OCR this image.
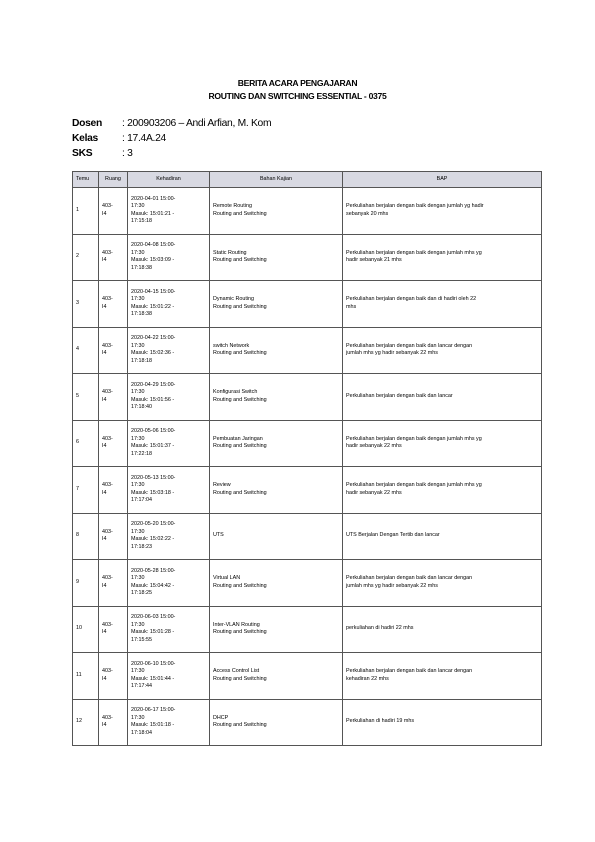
BERITA ACARA PENGAJARAN
ROUTING DAN SWITCHING ESSENTIAL - 0375
Dosen : 200903206 – Andi Arfian, M. Kom
Kelas : 17.4A.24
SKS	: 3
Temu	Ruang	Kehadiran	Bahan Kajian	BAP
1	403-
I4	2020-04-01 15:00-
17:30
Masuk: 15:01:21 -
17:15:18	Remote Routing
Routing and Switching	Perkuliahan berjalan dengan baik dengan jumlah yg hadir
sebanyak 20 mhs

2	403-
I4	2020-04-08 15:00-
17:30
Masuk: 15:03:09 -
17:18:38	Static Routing
Routing and Switching	Perkuliahan berjalan dengan baik dengan jumlah mhs yg
hadir sebanyak 21 mhs

3	403-
I4	2020-04-15 15:00-
17:30
Masuk: 15:01:22 -
17:18:38	Dynamic Routing
Routing and Switching	Perkuliahan berjalan dengan baik dan di hadiri oleh 22
mhs

4	403-
I4	2020-04-22 15:00-
17:30
Masuk: 15:02:36 -
17:18:18	switch Network
Routing and Switching	Perkuliahan berjalan dengan baik dan lancar dengan
jumlah mhs yg hadir sebanyak 22 mhs

5	403-
I4	2020-04-29 15:00-
17:30
Masuk: 15:01:56 -
17:18:40	Konfigurasi Switch
Routing and Switching	Perkuliahan berjalan dengan baik dan lancar

6	403-
I4	2020-05-06 15:00-
17:30
Masuk: 15:01:37 -
17:22:18	Pembuatan Jaringan
Routing and Switching	Perkuliahan berjalan dengan baik dengan jumlah mhs yg
hadir sebanyak 22 mhs

7	403-
I4	2020-05-13 15:00-
17:30
Masuk: 15:03:18 -
17:17:04	Review
Routing and Switching	Perkuliahan berjalan dengan baik dengan jumlah mhs yg
hadir sebanyak 22 mhs

8	403-
I4	2020-05-20 15:00-
17:30
Masuk: 15:02:22 -
17:18:23	UTS	UTS Berjalan Dengan Tertib dan lancar

9	403-
I4	2020-05-28 15:00-
17:30
Masuk: 15:04:42 -
17:18:25	Virtual LAN
Routing and Switching	Perkuliahan berjalan dengan baik dan lancar dengan
jumlah mhs yg hadir sebanyak 22 mhs

10	403-
I4	2020-06-03 15:00-
17:30
Masuk: 15:01:28 -
17:15:55	Inter-VLAN Routing
Routing and Switching	perkuliahan di hadiri 22 mhs

11	403-
I4	2020-06-10 15:00-
17:30
Masuk: 15:01:44 -
17:17:44	Access Control List
Routing and Switching	Perkuliahan berjalan dengan baik dan lancar dengan
kehadiran 22 mhs

12	403-
I4	2020-06-17 15:00-
17:30
Masuk: 15:01:18 -
17:18:04	DHCP
Routing and Switching	Perkuliahan di hadiri 19 mhs
